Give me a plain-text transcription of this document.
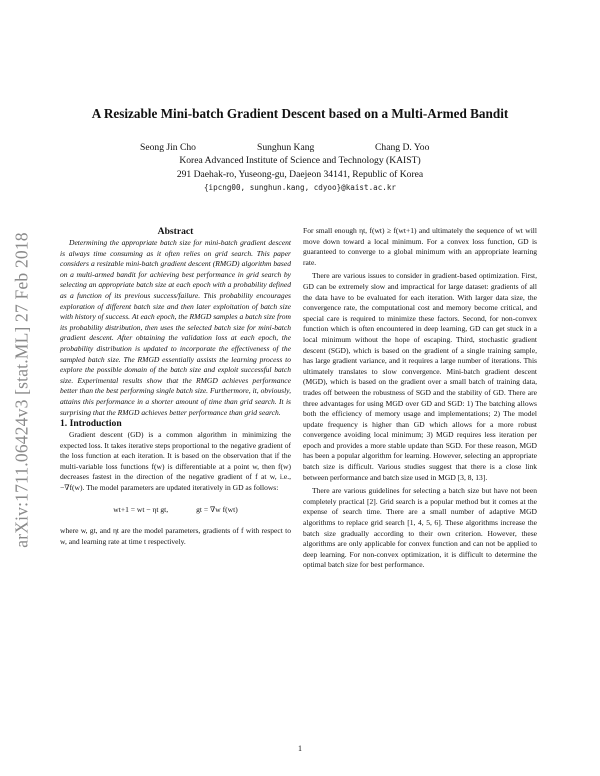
arXiv:1711.06424v3 [stat.ML] 27 Feb 2018
A Resizable Mini-batch Gradient Descent based on a Multi-Armed Bandit
Seong Jin Cho	Sunghun Kang	Chang D. Yoo
Korea Advanced Institute of Science and Technology (KAIST)
291 Daehak-ro, Yuseong-gu, Daejeon 34141, Republic of Korea
{ipcng00, sunghun.kang, cdyoo}@kaist.ac.kr

Abstract

Determining the appropriate batch size for mini-batch gradient descent is always time consuming as it often relies on grid search. This paper considers a resizable mini-batch gradient descent (RMGD) algorithm based on a multi-armed bandit for achieving best performance in grid search by selecting an appropriate batch size at each epoch with a probability defined as a function of its previous success/failure. This probability encourages exploration of different batch size and then later exploitation of batch size with history of success. At each epoch, the RMGD samples a batch size from its probability distribution, then uses the selected batch size for mini-batch gradient descent. After obtaining the validation loss at each epoch, the probability distribution is updated to incorporate the effectiveness of the sampled batch size. The RMGD essentially assists the learning process to explore the possible domain of the batch size and exploit successful batch size. Experimental results show that the RMGD achieves performance better than the best performing single batch size. Furthermore, it, obviously, attains this performance in a shorter amount of time than grid search. It is surprising that the RMGD achieves better performance than grid search.

1. Introduction

Gradient descent (GD) is a common algorithm in minimizing the expected loss. It takes iterative steps proportional to the negative gradient of the loss function at each iteration. It is based on the observation that if the multi-variable loss functions f(w) is differentiable at a point w, then f(w) decreases fastest in the direction of the negative gradient of f at w, i.e., −∇f(w). The model parameters are updated iteratively in GD as follows:

wt+1 = wt − ηt gt,	gt = ∇w f(wt)

where w, gt, and ηt are the model parameters, gradients of f with respect to w, and learning rate at time t respectively.

For small enough ηt, f(wt) ≥ f(wt+1) and ultimately the sequence of wt will move down toward a local minimum. For a convex loss function, GD is guaranteed to converge to a global minimum with an appropriate learning rate.

There are various issues to consider in gradient-based optimization. First, GD can be extremely slow and impractical for large dataset: gradients of all the data have to be evaluated for each iteration. With larger data size, the convergence rate, the computational cost and memory become critical, and special care is required to minimize these factors. Second, for non-convex function which is often encountered in deep learning, GD can get stuck in a local minimum without the hope of escaping. Third, stochastic gradient descent (SGD), which is based on the gradient of a single training sample, has large gradient variance, and it requires a large number of iterations. This ultimately translates to slow convergence. Mini-batch gradient descent (MGD), which is based on the gradient over a small batch of training data, trades off between the robustness of SGD and the stability of GD. There are three advantages for using MGD over GD and SGD: 1) The batching allows both the efficiency of memory usage and implementations; 2) The model update frequency is higher than GD which allows for a more robust convergence avoiding local minimum; 3) MGD requires less iteration per epoch and provides a more stable update than SGD. For these reason, MGD has been a popular algorithm for learning. However, selecting an appropriate batch size is difficult. Various studies suggest that there is a close link between performance and batch size used in MGD [3, 8, 13].

There are various guidelines for selecting a batch size but have not been completely practical [2]. Grid search is a popular method but it comes at the expense of search time. There are a small number of adaptive MGD algorithms to replace grid search [1, 4, 5, 6]. These algorithms increase the batch size gradually according to their own criterion. However, these algorithms are only applicable for convex function and can not be applied to deep learning. For non-convex optimization, it is difficult to determine the optimal batch size for best performance.

1
